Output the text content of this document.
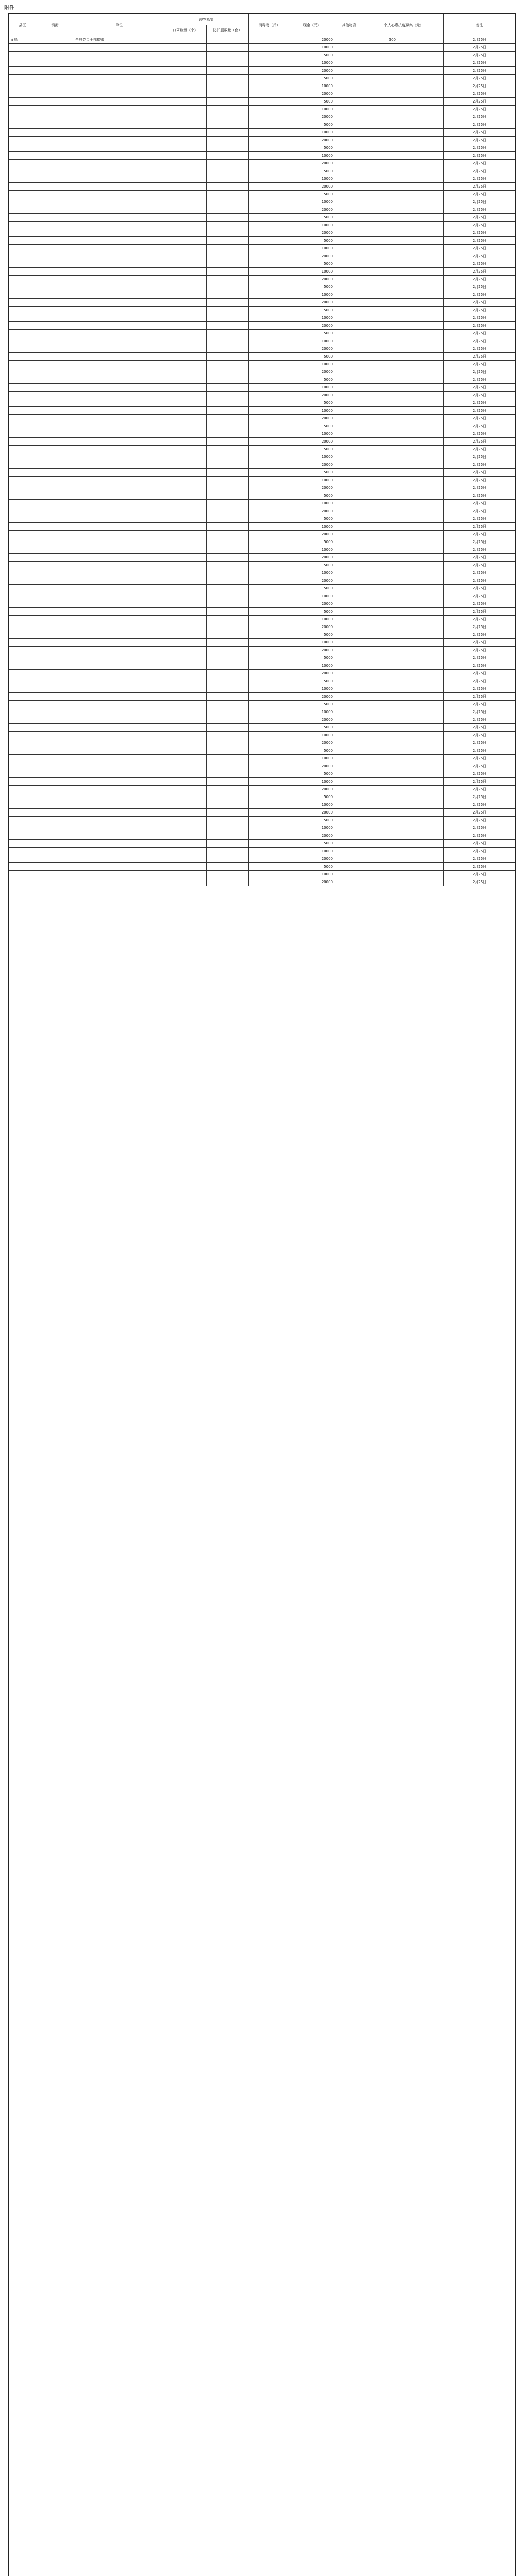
附件
县区	镇街	单位	现物募集		消毒液（斤）	现金（元）	其他物资	个人心意抗疫募集（元）		备注
			口罩数量（个）	防护服数量（套）						
义乌		全县党员干部捐赠				20000		500		2月25日
						10000				2月25日
						5000				2月25日
						10000				2月25日
						20000				2月25日
						5000				2月25日
						10000				2月25日
						20000				2月25日
						5000				2月25日
						10000				2月25日
						20000				2月25日
						5000				2月25日
						10000				2月25日
						20000				2月25日
						5000				2月25日
						10000				2月25日
						20000				2月25日
						5000				2月25日
						10000				2月25日
						20000				2月25日
						5000				2月25日
						10000				2月25日
						20000				2月25日
						5000				2月25日
						10000				2月25日
						20000				2月25日
						5000				2月25日
						10000				2月25日
						20000				2月25日
						5000				2月25日
						10000				2月25日
						20000				2月25日
						5000				2月25日
						10000				2月25日
						20000				2月25日
						5000				2月25日
						10000				2月25日
						20000				2月25日
						5000				2月25日
						10000				2月25日
						20000				2月25日
						5000				2月25日
						10000				2月25日
						20000				2月25日
						5000				2月25日
						10000				2月25日
						20000				2月25日
						5000				2月25日
						10000				2月25日
						20000				2月25日
						5000				2月25日
						10000				2月25日
						20000				2月25日
						5000				2月25日
						10000				2月25日
						20000				2月25日
						5000				2月25日
						10000				2月25日
						20000				2月25日
						5000				2月25日
						10000				2月25日
						20000				2月25日
						5000				2月25日
						10000				2月25日
						20000				2月25日
						5000				2月25日
						10000				2月25日
						20000				2月25日
						5000				2月25日
						10000				2月25日
						20000				2月25日
						5000				2月25日
						10000				2月25日
						20000				2月25日
						5000				2月25日
						10000				2月25日
						20000				2月25日
						5000				2月25日
						10000				2月25日
						20000				2月25日
						5000				2月25日
						10000				2月25日
						20000				2月25日
						5000				2月25日
						10000				2月25日
						20000				2月25日
						5000				2月25日
						10000				2月25日
						20000				2月25日
						5000				2月25日
						10000				2月25日
						20000				2月25日
						5000				2月25日
						10000				2月25日
						20000				2月25日
						5000				2月25日
						10000				2月25日
						20000				2月25日
						5000				2月25日
						10000				2月25日
						20000				2月25日
						5000				2月25日
						10000				2月25日
						20000				2月25日
						5000				2月25日
						10000				2月25日
						20000				2月25日
						5000				2月25日
						10000				2月25日
						20000				2月25日
